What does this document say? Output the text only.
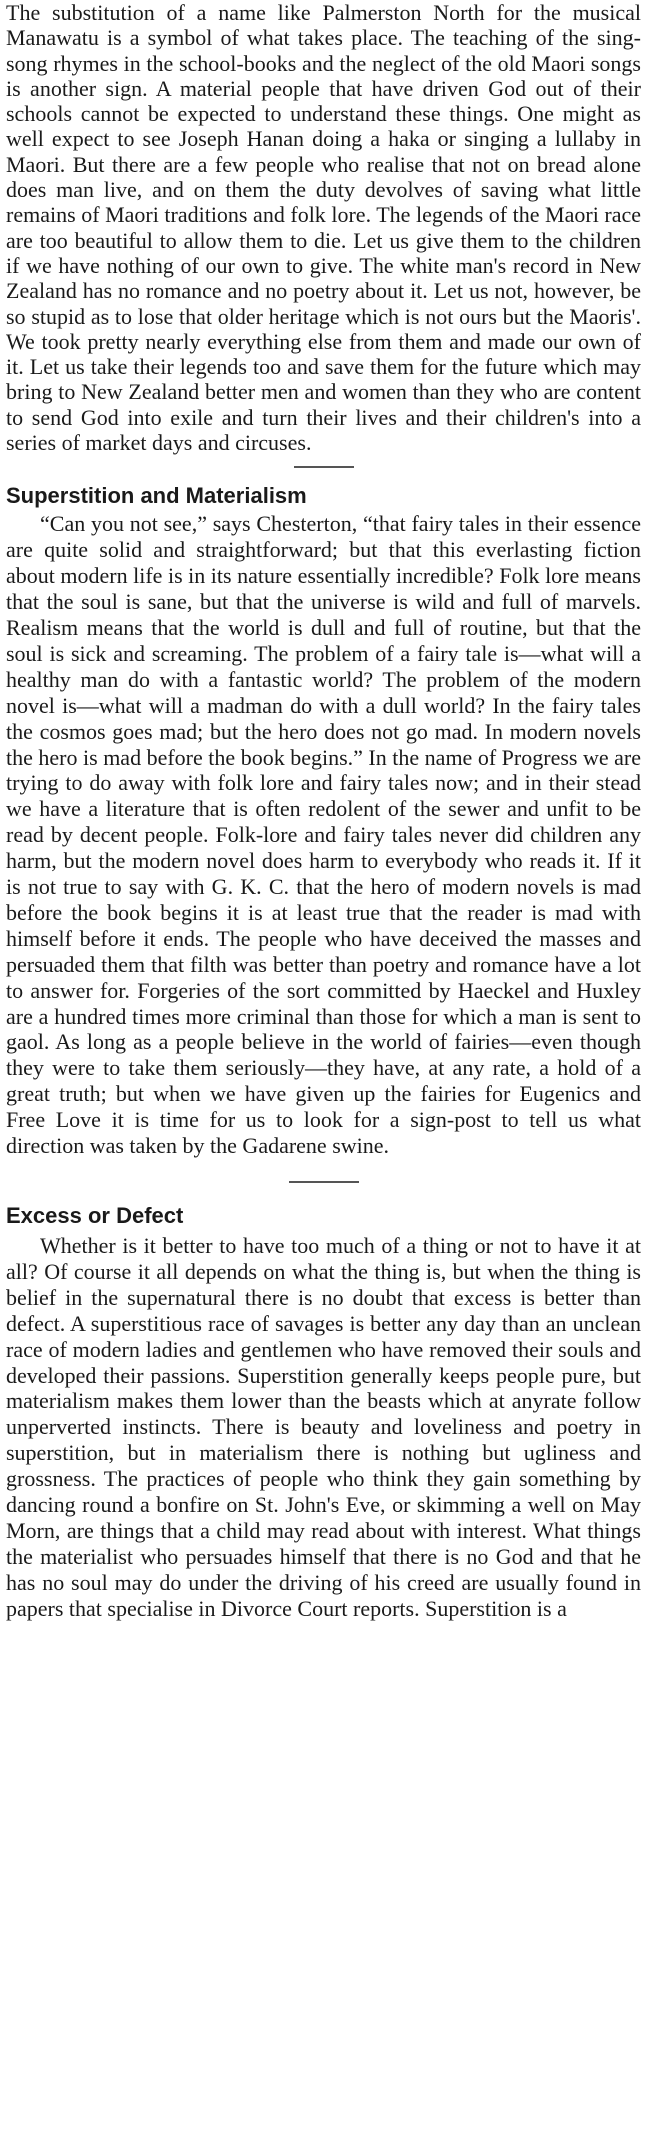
The substitution of a name like Palmerston North for the musical Manawatu is a symbol of what takes place. The teaching of the sing-song rhymes in the school-books and the neglect of the old Maori songs is another sign. A material people that have driven God out of their schools cannot be expected to understand these things. One might as well expect to see Joseph Hanan doing a haka or singing a lullaby in Maori. But there are a few people who realise that not on bread alone does man live, and on them the duty devolves of saving what little remains of Maori traditions and folk lore. The legends of the Maori race are too beautiful to allow them to die. Let us give them to the children if we have nothing of our own to give. The white man's record in New Zealand has no romance and no poetry about it. Let us not, however, be so stupid as to lose that older heritage which is not ours but the Maoris'. We took pretty nearly everything else from them and made our own of it. Let us take their legends too and save them for the future which may bring to New Zealand better men and women than they who are content to send God into exile and turn their lives and their children's into a series of market days and circuses.

Superstition and Materialism

“Can you not see,” says Chesterton, “that fairy tales in their essence are quite solid and straightforward; but that this everlasting fiction about modern life is in its nature essentially incredible? Folk lore means that the soul is sane, but that the universe is wild and full of marvels. Realism means that the world is dull and full of routine, but that the soul is sick and screaming. The problem of a fairy tale is—what will a healthy man do with a fantastic world? The problem of the modern novel is—what will a madman do with a dull world? In the fairy tales the cosmos goes mad; but the hero does not go mad. In modern novels the hero is mad before the book begins.” In the name of Progress we are trying to do away with folk lore and fairy tales now; and in their stead we have a literature that is often redolent of the sewer and unfit to be read by decent people. Folk-lore and fairy tales never did children any harm, but the modern novel does harm to everybody who reads it. If it is not true to say with G. K. C. that the hero of modern novels is mad before the book begins it is at least true that the reader is mad with himself before it ends. The people who have deceived the masses and persuaded them that filth was better than poetry and romance have a lot to answer for. Forgeries of the sort committed by Haeckel and Huxley are a hundred times more criminal than those for which a man is sent to gaol. As long as a people believe in the world of fairies—even though they were to take them seriously—they have, at any rate, a hold of a great truth; but when we have given up the fairies for Eugenics and Free Love it is time for us to look for a sign-post to tell us what direction was taken by the Gadarene swine.

Excess or Defect

Whether is it better to have too much of a thing or not to have it at all? Of course it all depends on what the thing is, but when the thing is belief in the supernatural there is no doubt that excess is better than defect. A superstitious race of savages is better any day than an unclean race of modern ladies and gentlemen who have removed their souls and developed their passions. Superstition generally keeps people pure, but materialism makes them lower than the beasts which at anyrate follow unperverted instincts. There is beauty and loveliness and poetry in superstition, but in materialism there is nothing but ugliness and grossness. The practices of people who think they gain something by dancing round a bonfire on St. John's Eve, or skimming a well on May Morn, are things that a child may read about with interest. What things the materialist who persuades himself that there is no God and that he has no soul may do under the driving of his creed are usually found in papers that specialise in Divorce Court reports. Superstition is a
